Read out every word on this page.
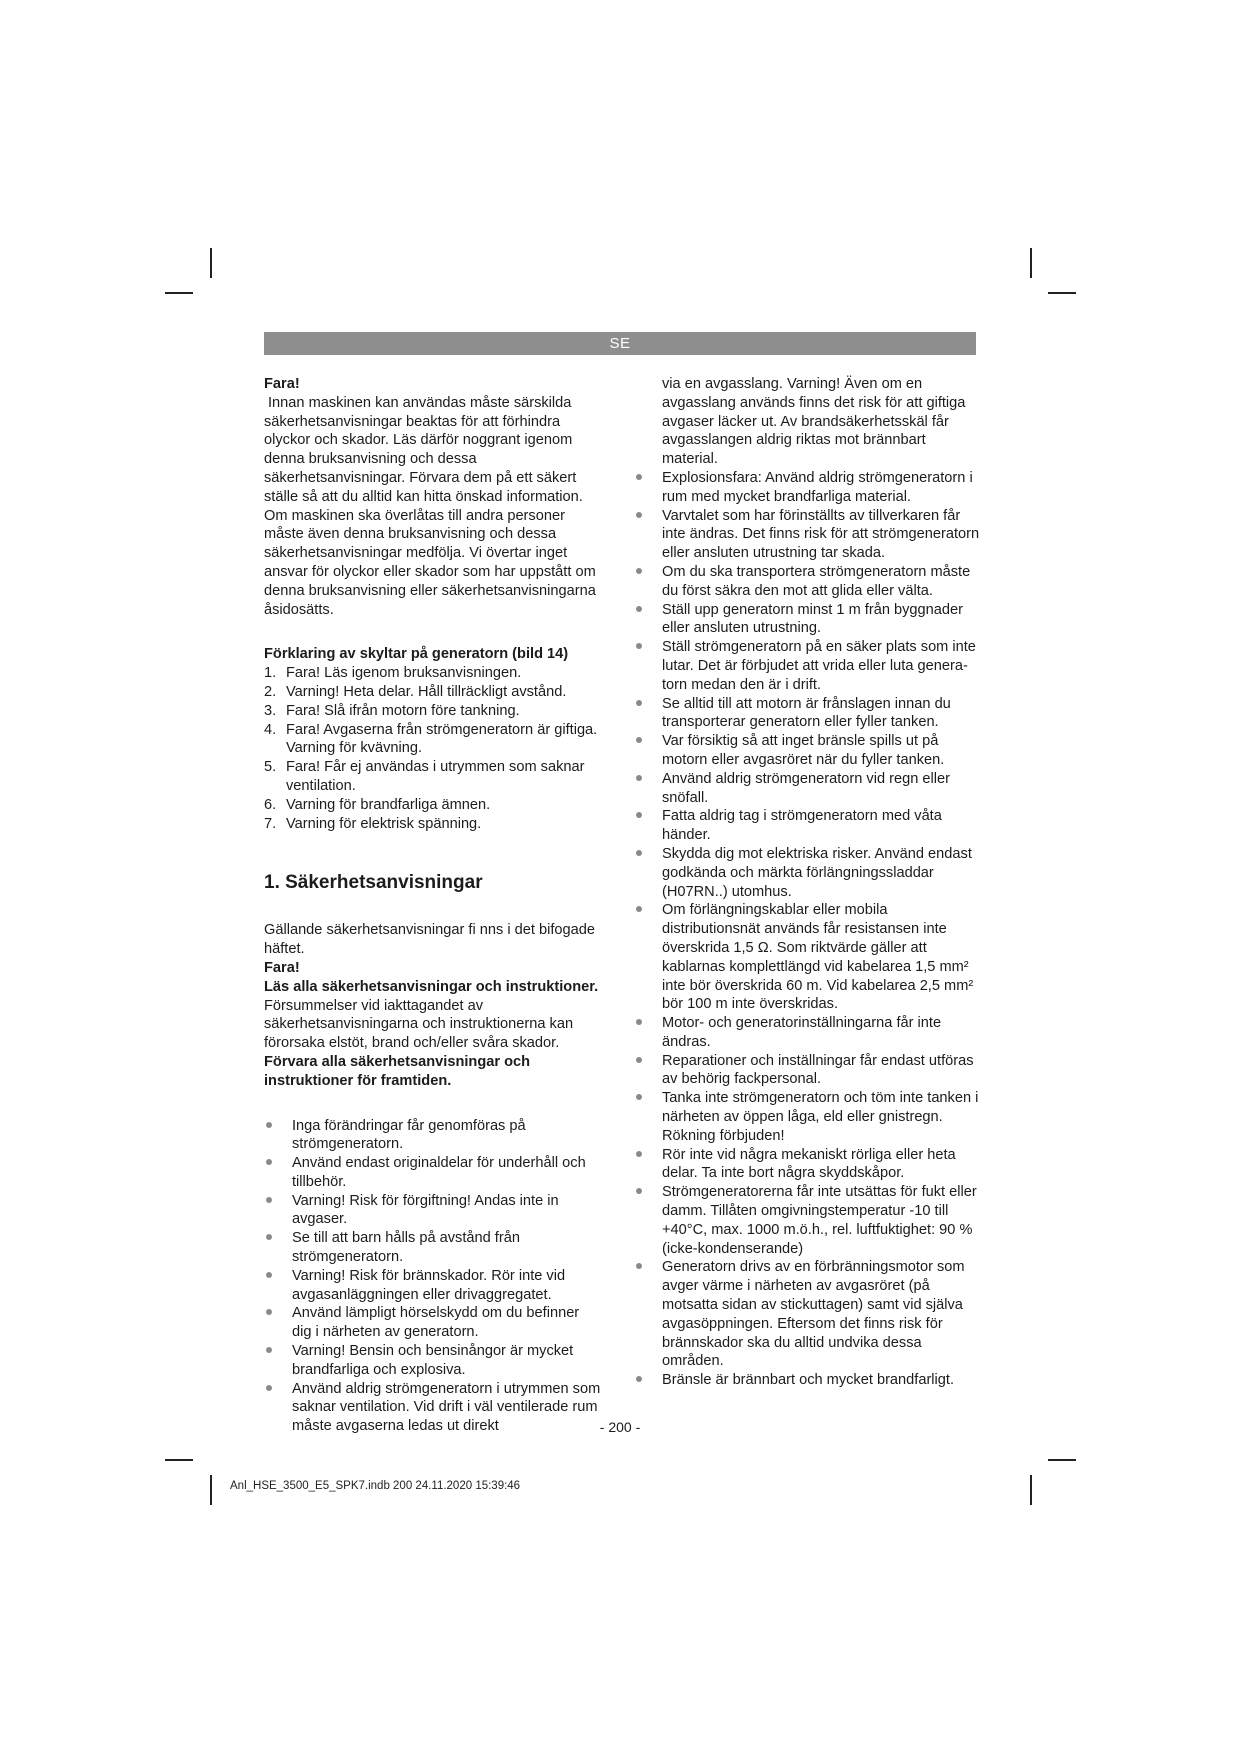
SE

Fara!

Innan maskinen kan användas måste särskilda säkerhetsanvisningar beaktas för att förhindra olyckor och skador. Läs därför noggrant igenom denna bruksanvisning och dessa säkerhetsanvisningar. Förvara dem på ett säkert ställe så att du alltid kan hitta önskad information. Om maskinen ska överlåtas till andra personer måste även denna bruksanvisning och dessa säkerhetsanvisningar medfölja. Vi övertar inget ansvar för olyckor eller skador som har uppstått om denna bruksanvisning eller säkerhetsanvisningarna åsidosätts.

Förklaring av skyltar på generatorn (bild 14)

1. Fara! Läs igenom bruksanvisningen.
2. Varning! Heta delar. Håll tillräckligt avstånd.
3. Fara! Slå ifrån motorn före tankning.
4. Fara! Avgaserna från strömgeneratorn är giftiga. Varning för kvävning.
5. Fara! Får ej användas i utrymmen som saknar ventilation.
6. Varning för brandfarliga ämnen.
7. Varning för elektrisk spänning.
1. Säkerhetsanvisningar

Gällande säkerhetsanvisningar fi nns i det bifogade häftet.

Fara!

Läs alla säkerhetsanvisningar och instruktioner. Försummelser vid iakttagandet av säkerhetsanvisningarna och instruktionerna kan förorsaka elstöt, brand och/eller svåra skador. Förvara alla säkerhetsanvisningar och instruktioner för framtiden.

Inga förändringar får genomföras på strömgeneratorn.
Använd endast originaldelar för underhåll och tillbehör.
Varning! Risk för förgiftning! Andas inte in avgaser.
Se till att barn hålls på avstånd från strömgeneratorn.
Varning! Risk för brännskador. Rör inte vid avgasanläggningen eller drivaggregatet.
Använd lämpligt hörselskydd om du befinner dig i närheten av generatorn.
Varning! Bensin och bensinångor är mycket brandfarliga och explosiva.
Använd aldrig strömgeneratorn i utrymmen som saknar ventilation. Vid drift i väl ventilerade rum måste avgaserna ledas ut direkt

via en avgasslang. Varning! Även om en avgasslang används finns det risk för att giftiga avgaser läcker ut. Av brandsäkerhetsskäl får avgasslangen aldrig riktas mot brännbart material.

Explosionsfara: Använd aldrig strömgeneratorn i rum med mycket brandfarliga material.
Varvtalet som har förinställts av tillverkaren får inte ändras. Det finns risk för att strömgeneratorn eller ansluten utrustning tar skada.
Om du ska transportera strömgeneratorn måste du först säkra den mot att glida eller välta.
Ställ upp generatorn minst 1 m från byggnader eller ansluten utrustning.
Ställ strömgeneratorn på en säker plats som inte lutar. Det är förbjudet att vrida eller luta genera-torn medan den är i drift.
Se alltid till att motorn är frånslagen innan du transporterar generatorn eller fyller tanken.
Var försiktig så att inget bränsle spills ut på motorn eller avgasröret när du fyller tanken.
Använd aldrig strömgeneratorn vid regn eller snöfall.
Fatta aldrig tag i strömgeneratorn med våta händer.
Skydda dig mot elektriska risker. Använd endast godkända och märkta förlängningssladdar (H07RN..) utomhus.
Om förlängningskablar eller mobila distributionsnät används får resistansen inte överskrida 1,5 Ω. Som riktvärde gäller att kablarnas komplettlängd vid kabelarea 1,5 mm² inte bör överskrida 60 m. Vid kabelarea 2,5 mm² bör 100 m inte överskridas.
Motor- och generatorinställningarna får inte ändras.
Reparationer och inställningar får endast utföras av behörig fackpersonal.
Tanka inte strömgeneratorn och töm inte tanken i närheten av öppen låga, eld eller gnistregn. Rökning förbjuden!
Rör inte vid några mekaniskt rörliga eller heta delar. Ta inte bort några skyddskåpor.
Strömgeneratorerna får inte utsättas för fukt eller damm. Tillåten omgivningstemperatur -10 till +40°C, max. 1000 m.ö.h., rel. luftfuktighet: 90 % (icke-kondenserande)
Generatorn drivs av en förbränningsmotor som avger värme i närheten av avgasröret (på motsatta sidan av stickuttagen) samt vid själva avgasöppningen. Eftersom det finns risk för brännskador ska du alltid undvika dessa områden.
Bränsle är brännbart och mycket brandfarligt.
- 200 -
Anl_HSE_3500_E5_SPK7.indb 200 24.11.2020 15:39:46
